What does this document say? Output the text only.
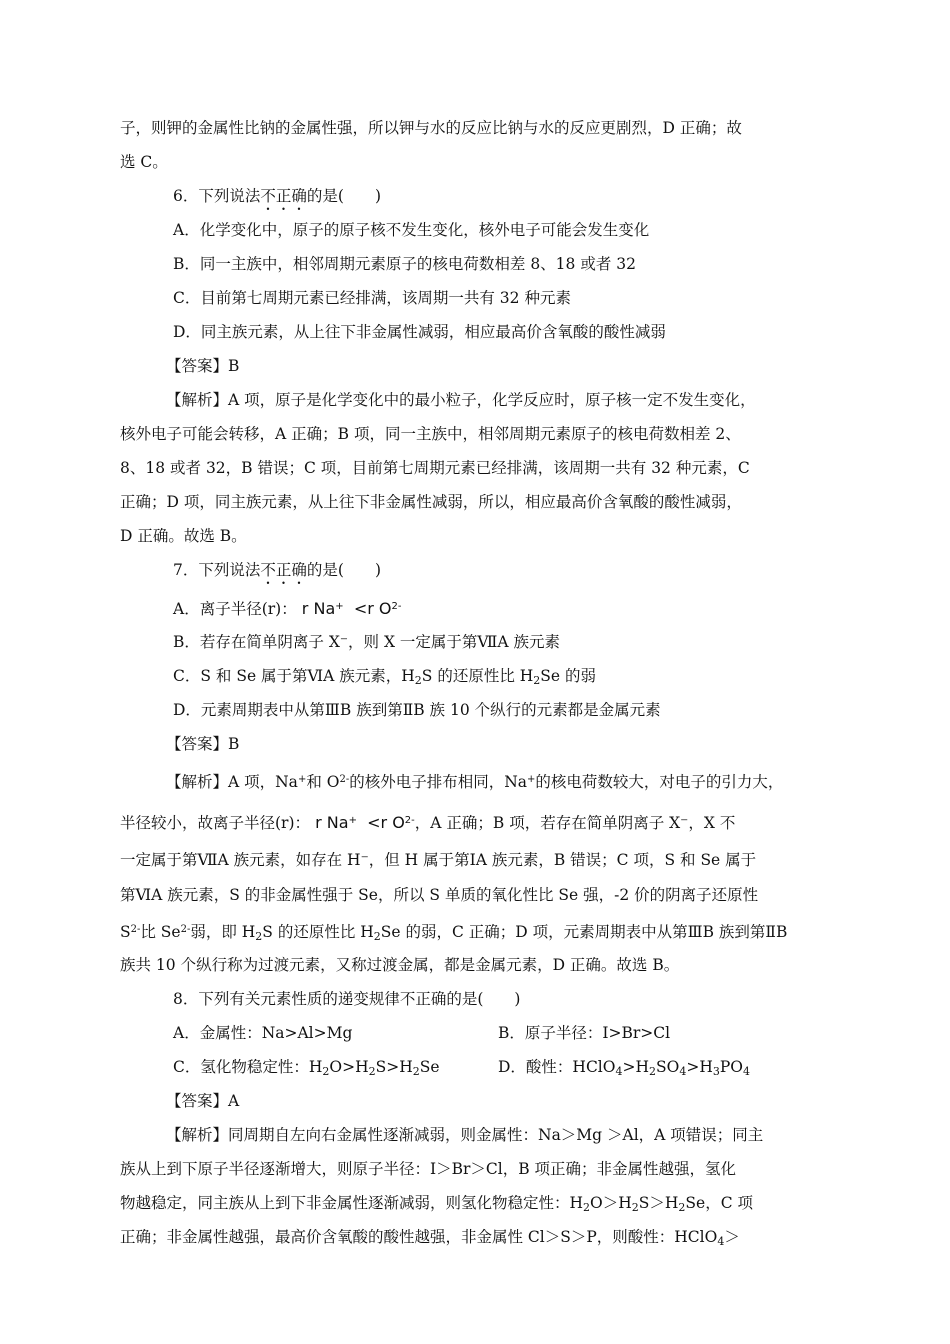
子，则钾的金属性比钠的金属性强，所以钾与水的反应比钠与水的反应更剧烈，D 正确；故
选 C。
6．下列说法不正确的是(　　)
A．化学变化中，原子的原子核不发生变化，核外电子可能会发生变化
B．同一主族中，相邻周期元素原子的核电荷数相差 8、18 或者 32
C．目前第七周期元素已经排满，该周期一共有 32 种元素
D．同主族元素，从上往下非金属性减弱，相应最高价含氧酸的酸性减弱
【答案】B
【解析】A 项，原子是化学变化中的最小粒子，化学反应时，原子核一定不发生变化，
核外电子可能会转移，A 正确；B 项，同一主族中，相邻周期元素原子的核电荷数相差 2、
8、18 或者 32，B 错误；C 项，目前第七周期元素已经排满，该周期一共有 32 种元素，C
正确；D 项，同主族元素，从上往下非金属性减弱，所以，相应最高价含氧酸的酸性减弱，
D 正确。故选 B。
7．下列说法不正确的是(　　)
A．离子半径(r)： r Na+ <r $O^{2-}$
B．若存在简单阴离子 X⁻，则 X 一定属于第ⅦA 族元素
C．S 和 Se 属于第ⅥA 族元素，$H_2S$ 的还原性比 $H_2Se$ 的弱
D．元素周期表中从第ⅢB 族到第ⅡB 族 10 个纵行的元素都是金属元素
【答案】B
【解析】A 项，Na+和 $O^{2-}$的核外电子排布相同，Na+的核电荷数较大，对电子的引力大，
半径较小，故离子半径(r)： r Na+ <r $O^{2-}$，A 正确；B 项，若存在简单阴离子 X⁻，X 不
一定属于第ⅦA 族元素，如存在 H⁻，但 H 属于第ⅠA 族元素，B 错误；C 项，S 和 Se 属于
第ⅥA 族元素，S 的非金属性强于 Se，所以 S 单质的氧化性比 Se 强，-2 价的阴离子还原性
$S^{2-}$比 $Se^{2-}$弱，即 $H_2S$ 的还原性比 $H_2Se$ 的弱，C 正确；D 项，元素周期表中从第ⅢB 族到第ⅡB
族共 10 个纵行称为过渡元素，又称过渡金属，都是金属元素，D 正确。故选 B。
8．下列有关元素性质的递变规律不正确的是(　　)
A．金属性：Na>Al>Mg	B．原子半径：I>Br>Cl
C．氢化物稳定性：$H_2O>H_2S>H_2Se$	D．酸性：$HClO_4>H_2SO_4>H_3PO_4$
【答案】A
【解析】同周期自左向右金属性逐渐减弱，则金属性：Na＞Mg ＞Al，A 项错误；同主
族从上到下原子半径逐渐增大，则原子半径：I＞Br＞Cl，B 项正确；非金属性越强，氢化
物越稳定，同主族从上到下非金属性逐渐减弱，则氢化物稳定性：$H_2O>H_2S>H_2Se$，C 项
正确；非金属性越强，最高价含氧酸的酸性越强，非金属性 Cl＞S＞P，则酸性：HClO$_4$＞
